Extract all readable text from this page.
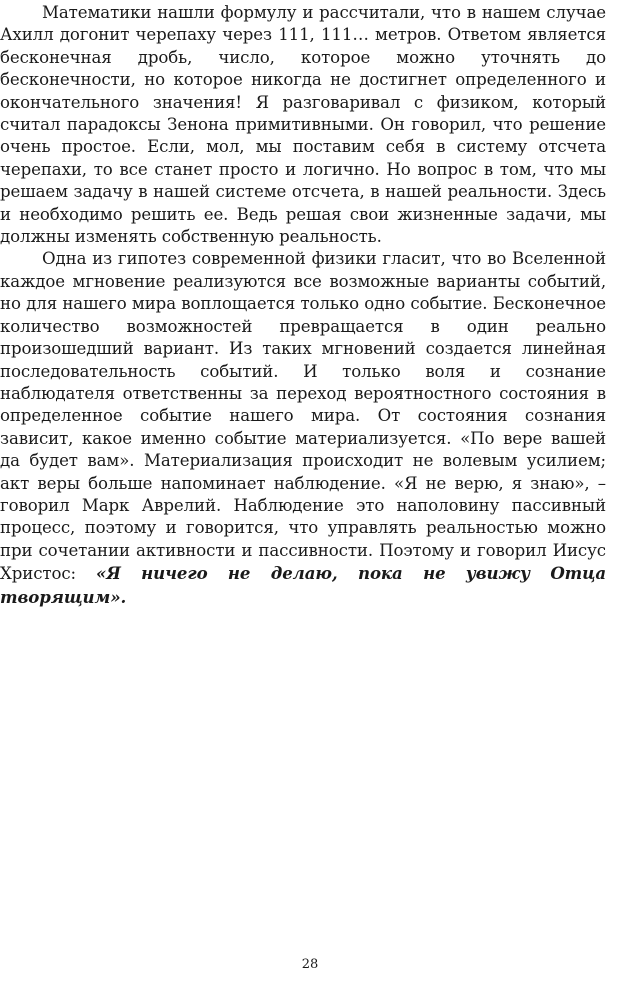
Математики нашли формулу и рассчитали, что в нашем случае Ахилл догонит черепаху через 111, 111… метров. Ответом является бесконечная дробь, число, которое можно уточнять до бесконечности, но которое никогда не достигнет определенного и окончательного значения! Я разговаривал с физиком, который считал парадоксы Зенона примитивными. Он говорил, что решение очень простое. Если, мол, мы поставим себя в систему отсчета черепахи, то все станет просто и логично. Но вопрос в том, что мы решаем задачу в нашей системе отсчета, в нашей реальности. Здесь и необходимо решить ее. Ведь решая свои жизненные задачи, мы должны изменять собственную реальность.

Одна из гипотез современной физики гласит, что во Вселенной каждое мгновение реализуются все возможные варианты событий, но для нашего мира воплощается только одно событие. Бесконечное количество возможностей превращается в один реально произошедший вариант. Из таких мгновений создается линейная последовательность событий. И только воля и сознание наблюдателя ответственны за переход вероятностного состояния в определенное событие нашего мира. От состояния сознания зависит, какое именно событие материализуется. «По вере вашей да будет вам». Материализация происходит не волевым усилием; акт веры больше напоминает наблюдение. «Я не верю, я знаю», – говорил Марк Аврелий. Наблюдение это наполовину пассивный процесс, поэтому и говорится, что управлять реальностью можно при сочетании активности и пассивности. Поэтому и говорил Иисус Христос: «Я ничего не делаю, пока не увижу Отца творящим».

28
